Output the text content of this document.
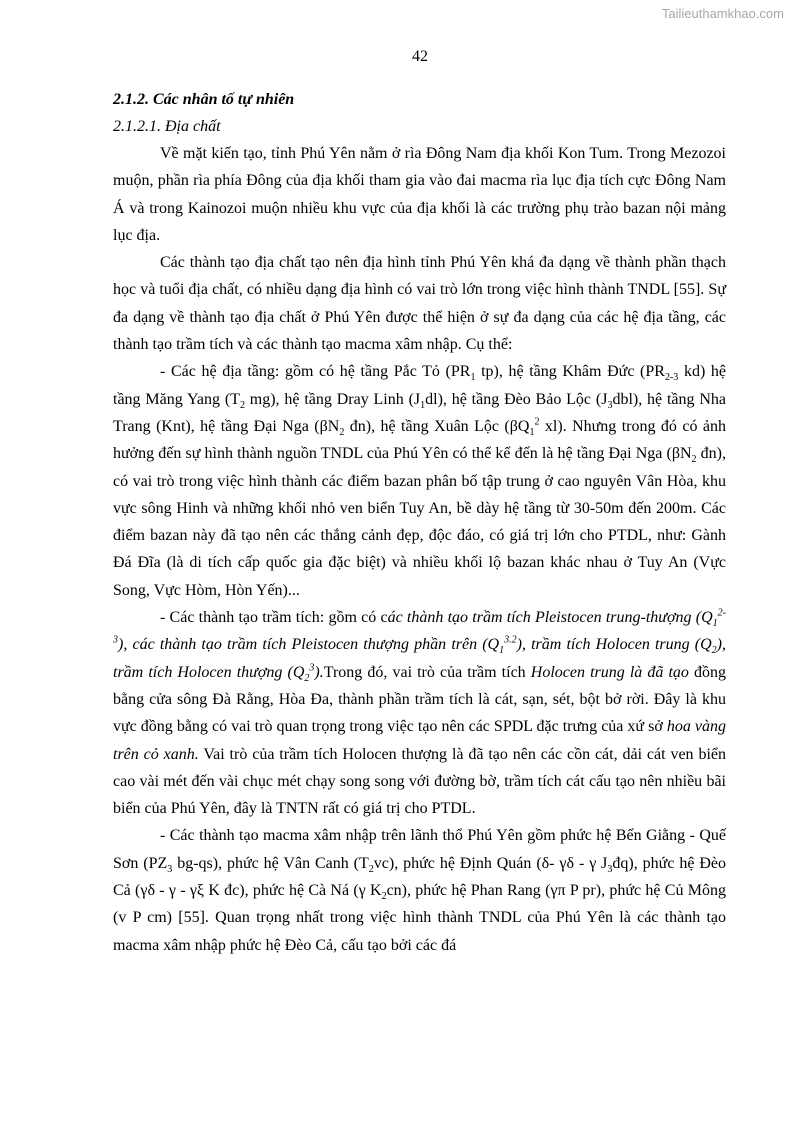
Tailieuthamkhao.com
42
2.1.2. Các nhân tố tự nhiên
2.1.2.1. Địa chất

Về mặt kiến tạo, tỉnh Phú Yên nằm ở rìa Đông Nam địa khối Kon Tum. Trong Mezozoi muộn, phần rìa phía Đông của địa khối tham gia vào đai macma rìa lục địa tích cực Đông Nam Á và trong Kainozoi muộn nhiều khu vực của địa khối là các trường phụ trào bazan nội mảng lục địa.

Các thành tạo địa chất tạo nên địa hình tỉnh Phú Yên khá đa dạng về thành phần thạch học và tuổi địa chất, có nhiều dạng địa hình có vai trò lớn trong việc hình thành TNDL [55]. Sự đa dạng về thành tạo địa chất ở Phú Yên được thể hiện ở sự đa dạng của các hệ địa tầng, các thành tạo trầm tích và các thành tạo macma xâm nhập. Cụ thể:

- Các hệ địa tầng: gồm có hệ tầng Pắc Tỏ ($PR_1$ tp), hệ tầng Khâm Đức ($PR_{2-3}$ kd) hệ tầng Măng Yang ($T_2$ mg), hệ tầng Dray Linh $(J_1dl)$, hệ tầng Đèo Bảo Lộc $(J_3dbl)$, hệ tầng Nha Trang (Knt), hệ tầng Đại Nga ($\beta N_2$ đn), hệ tầng Xuân Lộc ($\beta Q_1^2$ xl). Nhưng trong đó có ảnh hưởng đến sự hình thành nguồn TNDL của Phú Yên có thể kể đến là hệ tầng Đại Nga ($\beta N_2$ đn), có vai trò trong việc hình thành các điểm bazan phân bố tập trung ở cao nguyên Vân Hòa, khu vực sông Hinh và những khối nhỏ ven biển Tuy An, bề dày hệ tầng từ 30-50m đến 200m. Các điểm bazan này đã tạo nên các thắng cảnh đẹp, độc đáo, có giá trị lớn cho PTDL, như: Gành Đá Đĩa (là di tích cấp quốc gia đặc biệt) và nhiều khối lộ bazan khác nhau ở Tuy An (Vực Song, Vực Hòm, Hòn Yến)...

- Các thành tạo trầm tích: gồm có các thành tạo trầm tích Pleistocen trung-thượng $(Q_1^{2-3})$, các thành tạo trầm tích Pleistocen thượng phần trên $(Q_1^{3.2})$, trầm tích Holocen trung $(Q_2)$, trầm tích Holocen thượng $(Q_2^3).Trong$ đó, vai trò của trầm tích Holocen trung là đã tạo đồng bằng cửa sông Đà Rằng, Hòa Đa, thành phần trầm tích là cát, sạn, sét, bột bở rời. Đây là khu vực đồng bằng có vai trò quan trọng trong việc tạo nên các SPDL đặc trưng của xứ sở hoa vàng trên cỏ xanh. Vai trò của trầm tích Holocen thượng là đã tạo nên các cồn cát, dải cát ven biển cao vài mét đến vài chục mét chạy song song với đường bờ, trầm tích cát cấu tạo nên nhiều bãi biển của Phú Yên, đây là TNTN rất có giá trị cho PTDL.

- Các thành tạo macma xâm nhập trên lãnh thổ Phú Yên gồm phức hệ Bến Giằng - Quế Sơn ($PZ_3$ bg-qs), phức hệ Vân Canh $(T_2vc)$, phức hệ Định Quán (δ- γδ - γ $J_3đq$), phức hệ Đèo Cả (γδ - γ - γξ K đc), phức hệ Cà Ná (γ $K_2cn$), phức hệ Phan Rang (γπ P pr), phức hệ Củ Mông (v P cm) [55]. Quan trọng nhất trong việc hình thành TNDL của Phú Yên là các thành tạo macma xâm nhập phức hệ Đèo Cả, cấu tạo bởi các đá
